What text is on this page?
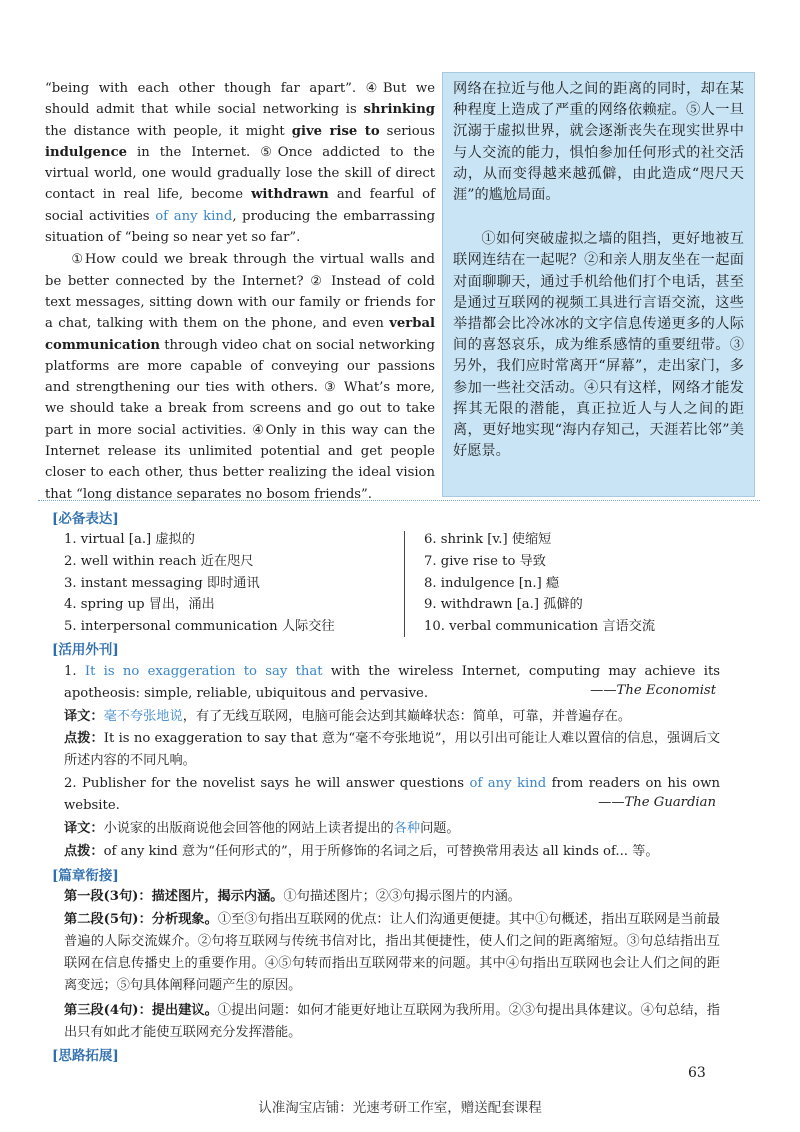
“being with each other though far apart”. ④But we should admit that while social networking is shrinking the distance with people, it might give rise to serious indulgence in the Internet. ⑤Once addicted to the virtual world, one would gradually lose the skill of direct contact in real life, become withdrawn and fearful of social activities of any kind, producing the embarrassing situation of “being so near yet so far”.

①How could we break through the virtual walls and be better connected by the Internet? ② Instead of cold text messages, sitting down with our family or friends for a chat, talking with them on the phone, and even verbal communication through video chat on social networking platforms are more capable of conveying our passions and strengthening our ties with others. ③ What’s more, we should take a break from screens and go out to take part in more social activities. ④Only in this way can the Internet release its unlimited potential and get people closer to each other, thus better realizing the ideal vision that “long distance separates no bosom friends”.

网络在拉近与他人之间的距离的同时，却在某种程度上造成了严重的网络依赖症。⑤人一旦沉溺于虚拟世界，就会逐渐丧失在现实世界中与人交流的能力，惧怕参加任何形式的社交活动，从而变得越来越孤僻，由此造成“咫尺天涯”的尴尬局面。

①如何突破虚拟之墙的阻挡，更好地被互联网连结在一起呢？②和亲人朋友坐在一起面对面聊聊天，通过手机给他们打个电话，甚至是通过互联网的视频工具进行言语交流，这些举措都会比冷冰冰的文字信息传递更多的人际间的喜怒哀乐，成为维系感情的重要纽带。③另外，我们应时常离开“屏幕”，走出家门，多参加一些社交活动。④只有这样，网络才能发挥其无限的潜能，真正拉近人与人之间的距离，更好地实现“海内存知己，天涯若比邻”美好愿景。

[必备表达]
1. virtual [a.] 虚拟的
2. well within reach 近在咫尺
3. instant messaging 即时通讯
4. spring up 冒出，涌出
5. interpersonal communication 人际交往
6. shrink [v.] 使缩短
7. give rise to 导致
8. indulgence [n.] 瘾
9. withdrawn [a.] 孤僻的
10. verbal communication 言语交流
[活用外刊]
1. It is no exaggeration to say that with the wireless Internet, computing may achieve its apotheosis: simple, reliable, ubiquitous and pervasive.	——The Economist
译文：毫不夸张地说，有了无线互联网，电脑可能会达到其巅峰状态：简单，可靠，并普遍存在。
点拨：It is no exaggeration to say that 意为“毫不夸张地说”，用以引出可能让人难以置信的信息，强调后文所述内容的不同凡响。
2. Publisher for the novelist says he will answer questions of any kind from readers on his own website.	——The Guardian
译文：小说家的出版商说他会回答他的网站上读者提出的各种问题。
点拨：of any kind 意为“任何形式的”，用于所修饰的名词之后，可替换常用表达 all kinds of... 等。
[篇章衔接]
第一段(3句)：描述图片，揭示内涵。①句描述图片；②③句揭示图片的内涵。
第二段(5句)：分析现象。①至③句指出互联网的优点：让人们沟通更便捷。其中①句概述，指出互联网是当前最普遍的人际交流媒介。②句将互联网与传统书信对比，指出其便捷性，使人们之间的距离缩短。③句总结指出互联网在信息传播史上的重要作用。④⑤句转而指出互联网带来的问题。其中④句指出互联网也会让人们之间的距离变远；⑤句具体阐释问题产生的原因。
第三段(4句)：提出建议。①提出问题：如何才能更好地让互联网为我所用。②③句提出具体建议。④句总结，指出只有如此才能使互联网充分发挥潜能。
[思路拓展]
63
认准淘宝店铺：光速考研工作室，赠送配套课程
